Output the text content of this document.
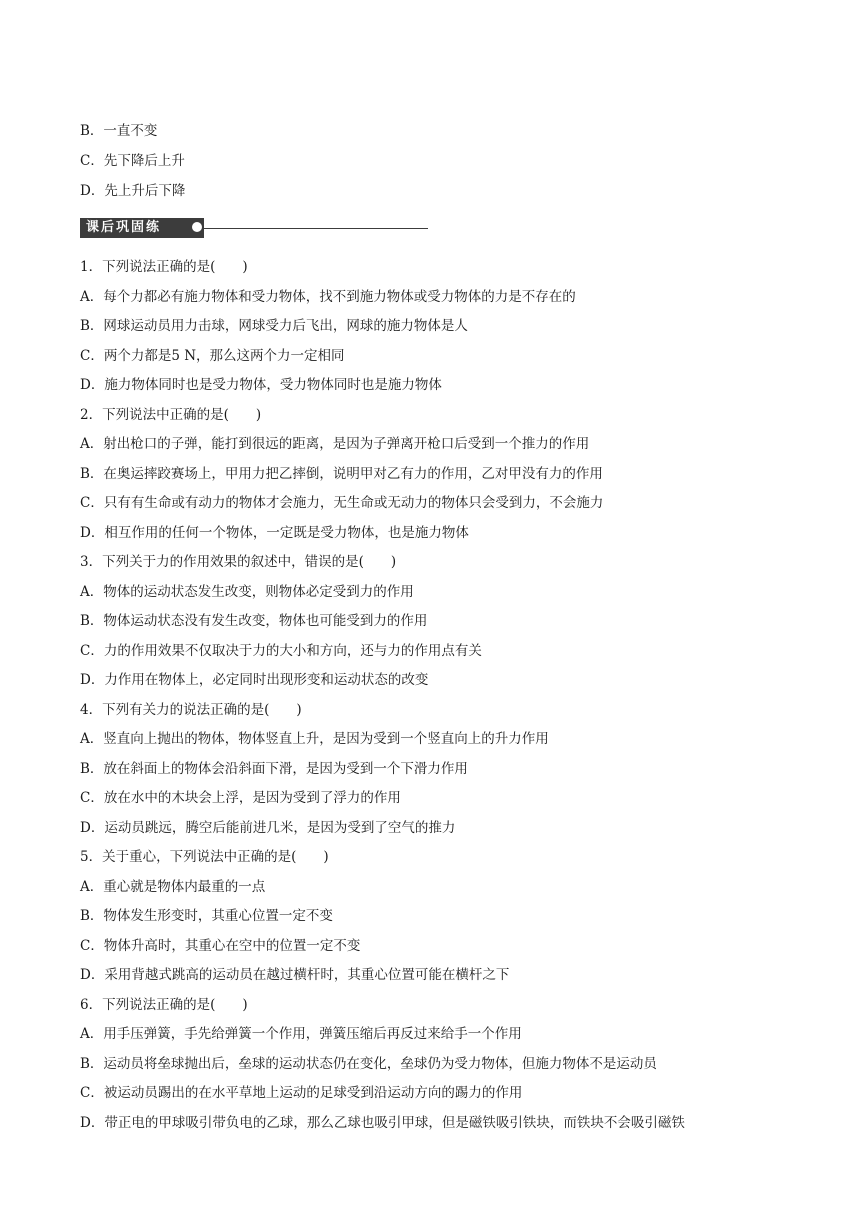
B．一直不变
C．先下降后上升
D．先上升后下降
课后巩固练
1．下列说法正确的是(　　)
A．每个力都必有施力物体和受力物体，找不到施力物体或受力物体的力是不存在的
B．网球运动员用力击球，网球受力后飞出，网球的施力物体是人
C．两个力都是5 N，那么这两个力一定相同
D．施力物体同时也是受力物体，受力物体同时也是施力物体
2．下列说法中正确的是(　　)
A．射出枪口的子弹，能打到很远的距离，是因为子弹离开枪口后受到一个推力的作用
B．在奥运摔跤赛场上，甲用力把乙摔倒，说明甲对乙有力的作用，乙对甲没有力的作用
C．只有有生命或有动力的物体才会施力，无生命或无动力的物体只会受到力，不会施力
D．相互作用的任何一个物体，一定既是受力物体，也是施力物体
3．下列关于力的作用效果的叙述中，错误的是(　　)
A．物体的运动状态发生改变，则物体必定受到力的作用
B．物体运动状态没有发生改变，物体也可能受到力的作用
C．力的作用效果不仅取决于力的大小和方向，还与力的作用点有关
D．力作用在物体上，必定同时出现形变和运动状态的改变
4．下列有关力的说法正确的是(　　)
A．竖直向上抛出的物体，物体竖直上升，是因为受到一个竖直向上的升力作用
B．放在斜面上的物体会沿斜面下滑，是因为受到一个下滑力作用
C．放在水中的木块会上浮，是因为受到了浮力的作用
D．运动员跳远，腾空后能前进几米，是因为受到了空气的推力
5．关于重心，下列说法中正确的是(　　)
A．重心就是物体内最重的一点
B．物体发生形变时，其重心位置一定不变
C．物体升高时，其重心在空中的位置一定不变
D．采用背越式跳高的运动员在越过横杆时，其重心位置可能在横杆之下
6．下列说法正确的是(　　)
A．用手压弹簧，手先给弹簧一个作用，弹簧压缩后再反过来给手一个作用
B．运动员将垒球抛出后，垒球的运动状态仍在变化，垒球仍为受力物体，但施力物体不是运动员
C．被运动员踢出的在水平草地上运动的足球受到沿运动方向的踢力的作用
D．带正电的甲球吸引带负电的乙球，那么乙球也吸引甲球，但是磁铁吸引铁块，而铁块不会吸引磁铁
